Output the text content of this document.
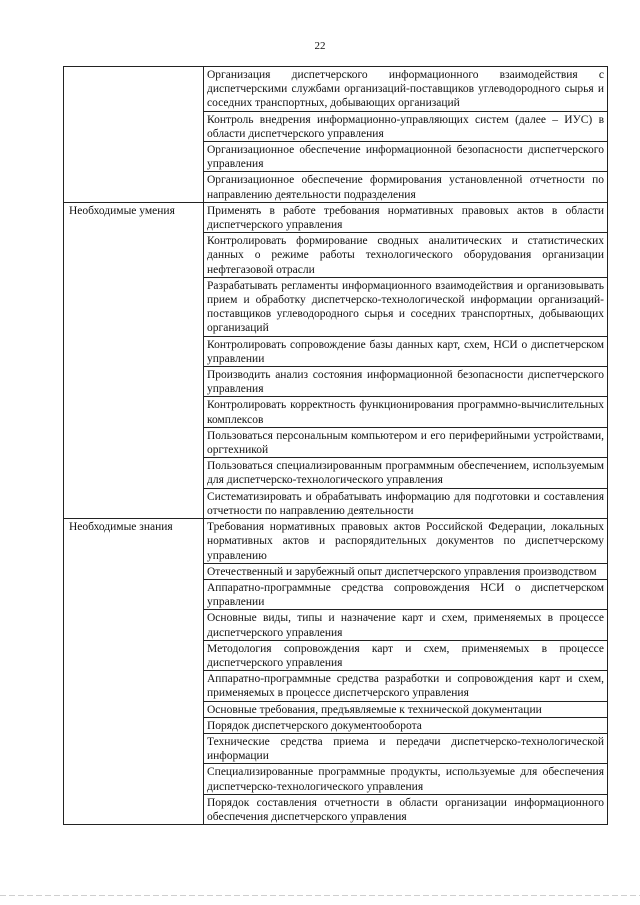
22
	Организация диспетчерского информационного взаимодействия с диспетчерскими службами организаций-поставщиков углеводородного сырья и соседних транспортных, добывающих организаций
	Контроль внедрения информационно-управляющих систем (далее – ИУС) в области диспетчерского управления
	Организационное обеспечение информационной безопасности диспетчерского управления
	Организационное обеспечение формирования установленной отчетности по направлению деятельности подразделения
Необходимые умения	Применять в работе требования нормативных правовых актов в области диспетчерского управления
	Контролировать формирование сводных аналитических и статистических данных о режиме работы технологического оборудования организации нефтегазовой отрасли
	Разрабатывать регламенты информационного взаимодействия и организовывать прием и обработку диспетчерско-технологической информации организаций-поставщиков углеводородного сырья и соседних транспортных, добывающих организаций
	Контролировать сопровождение базы данных карт, схем, НСИ о диспетчерском управлении
	Производить анализ состояния информационной безопасности диспетчерского управления
	Контролировать корректность функционирования программно-вычислительных комплексов
	Пользоваться персональным компьютером и его периферийными устройствами, оргтехникой
	Пользоваться специализированным программным обеспечением, используемым для диспетчерско-технологического управления
	Систематизировать и обрабатывать информацию для подготовки и составления отчетности по направлению деятельности
Необходимые знания	Требования нормативных правовых актов Российской Федерации, локальных нормативных актов и распорядительных документов по диспетчерскому управлению
	Отечественный и зарубежный опыт диспетчерского управления производством
	Аппаратно-программные средства сопровождения НСИ о диспетчерском управлении
	Основные виды, типы и назначение карт и схем, применяемых в процессе диспетчерского управления
	Методология сопровождения карт и схем, применяемых в процессе диспетчерского управления
	Аппаратно-программные средства разработки и сопровождения карт и схем, применяемых в процессе диспетчерского управления
	Основные требования, предъявляемые к технической документации
	Порядок диспетчерского документооборота
	Технические средства приема и передачи диспетчерско-технологической информации
	Специализированные программные продукты, используемые для обеспечения диспетчерско-технологического управления
	Порядок составления отчетности в области организации информационного обеспечения диспетчерского управления
